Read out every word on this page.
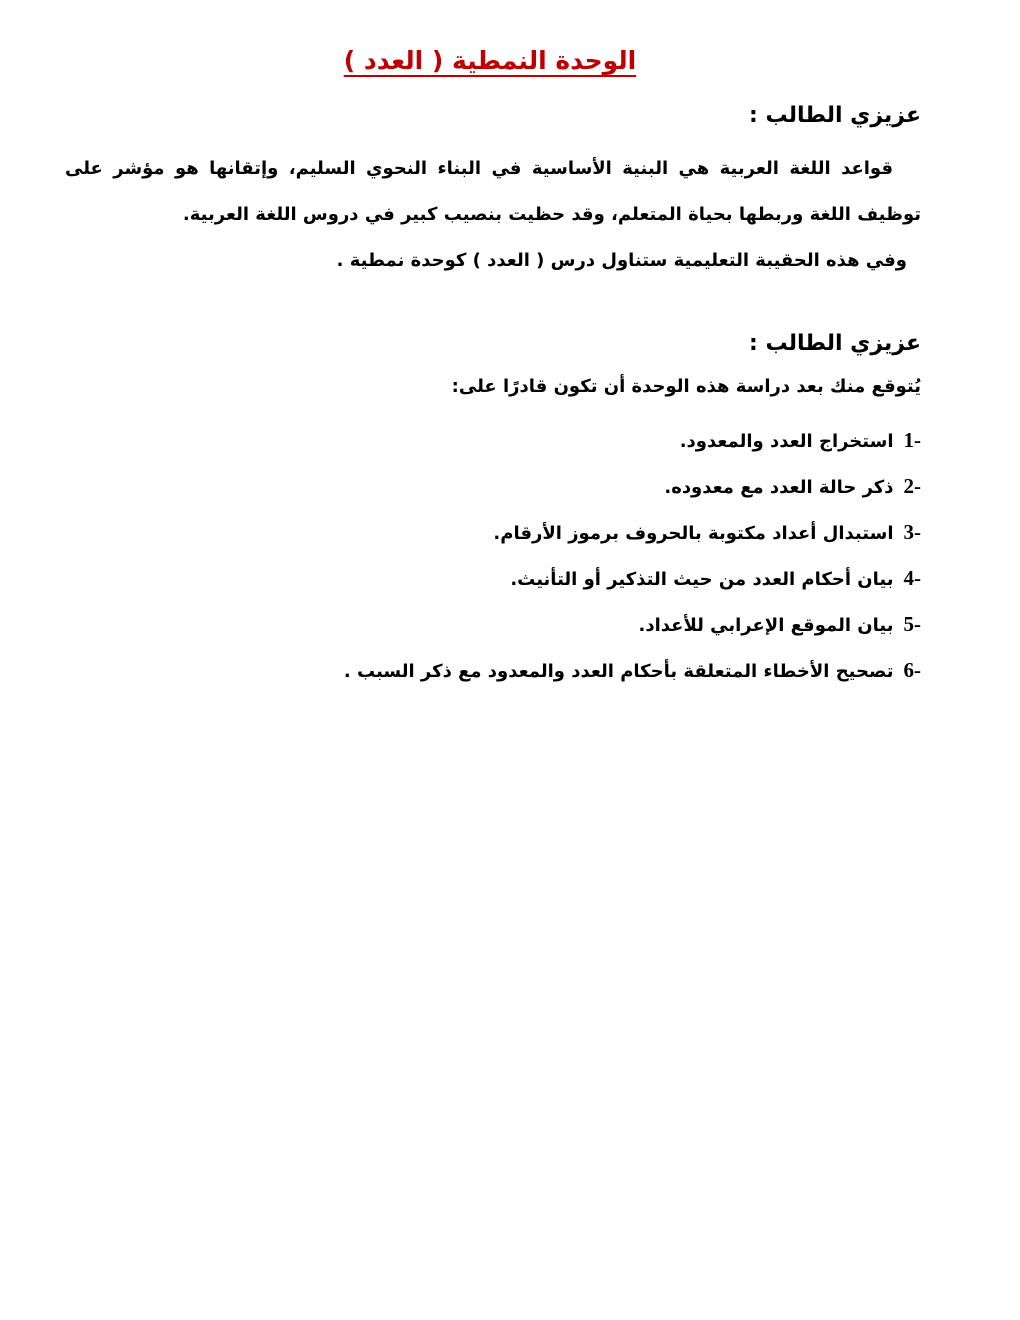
الوحدة النمطية ( العدد )
عزيزي الطالب :

قواعد اللغة العربية هي البنية الأساسية في البناء النحوي السليم، وإتقانها هو مؤشر على توظيف اللغة وربطها بحياة المتعلم، وقد حظيت بنصيب كبير في دروس اللغة العربية.

وفي هذه الحقيبة التعليمية ستناول درس ( العدد ) كوحدة نمطية .

عزيزي الطالب :

يُتوقع منك بعد دراسة هذه الوحدة أن تكون قادرًا على:

1-استخراج العدد والمعدود.
2-ذكر حالة العدد مع معدوده.
3-استبدال أعداد مكتوبة بالحروف برموز الأرقام.
4-بيان أحكام العدد من حيث التذكير أو التأنيث.
5-بيان الموقع الإعرابي للأعداد.
6-تصحيح الأخطاء المتعلقة بأحكام العدد والمعدود مع ذكر السبب .
